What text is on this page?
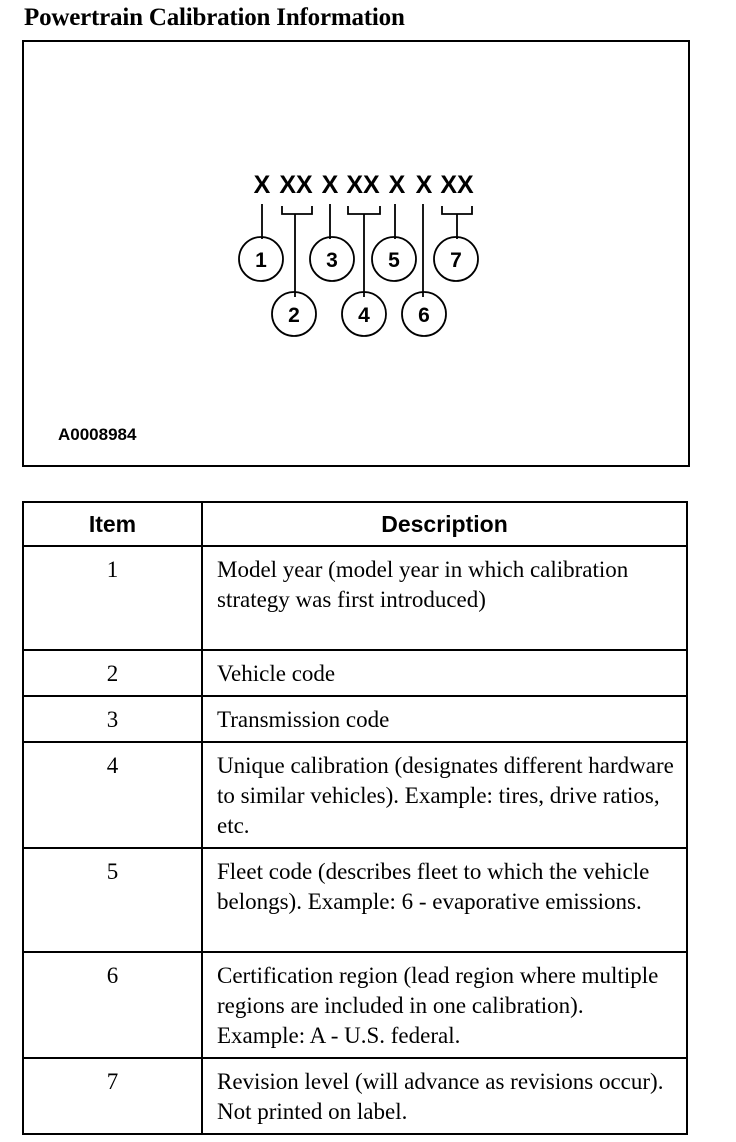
Powertrain Calibration Information
X XX X XX X X XX
1
2
3
4
5
6
7
A0008984
Item	Description
1	Model year (model year in which calibration strategy was first introduced)
2	Vehicle code
3	Transmission code
4	Unique calibration (designates different hardware to similar vehicles). Example: tires, drive ratios, etc.
5	Fleet code (describes fleet to which the vehicle belongs). Example: 6 - evaporative emissions.
6	Certification region (lead region where multiple regions are included in one calibration). Example: A - U.S. federal.
7	Revision level (will advance as revisions occur). Not printed on label.
